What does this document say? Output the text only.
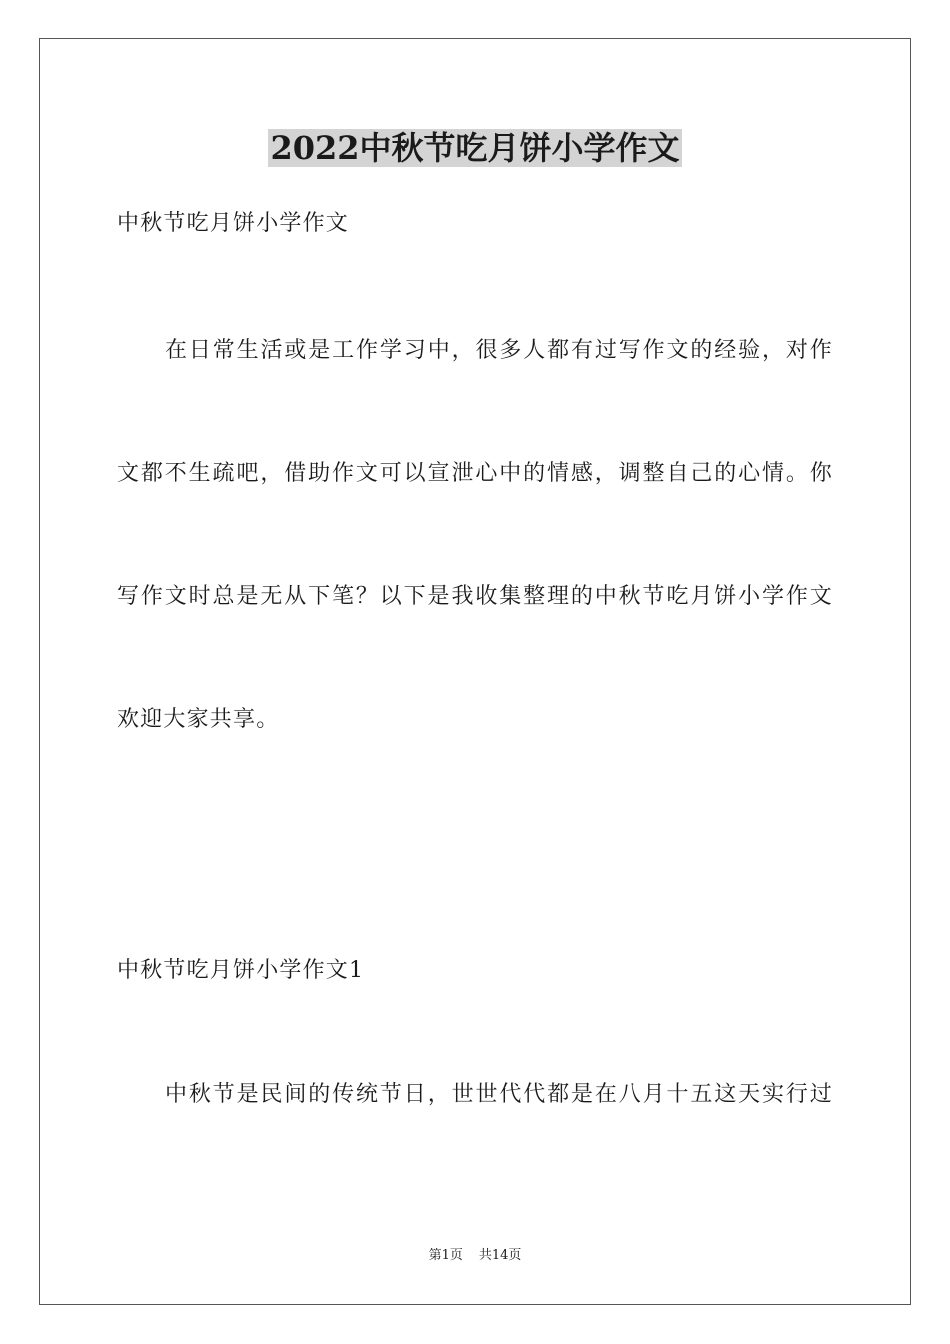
2022中秋节吃月饼小学作文

中秋节吃月饼小学作文

在日常生活或是工作学习中，很多人都有过写作文的经验，对作

文都不生疏吧，借助作文可以宣泄心中的情感，调整自己的心情。你

写作文时总是无从下笔？以下是我收集整理的中秋节吃月饼小学作文

欢迎大家共享。

中秋节吃月饼小学作文1

中秋节是民间的传统节日，世世代代都是在八月十五这天实行过

第1页 共14页
